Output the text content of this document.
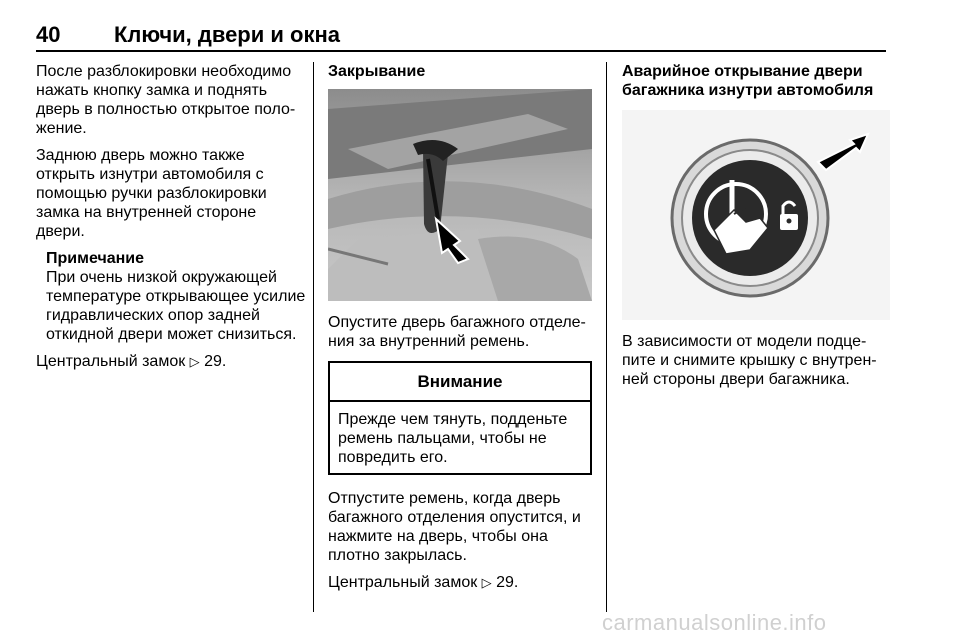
40 Ключи, двери и окна

После разблокировки необходимо нажать кнопку замка и поднять дверь в полностью открытое поло-жение.

Заднюю дверь можно также открыть изнутри автомобиля с помощью ручки разблокировки замка на внутренней стороне двери.

Примечание

При очень низкой окружающей температуре открывающее усилие гидравлических опор задней откидной двери может снизиться.

Центральный замок ▷ 29.

Закрывание

Опустите дверь багажного отделе-ния за внутренний ремень.

Внимание
Прежде чем тянуть, подденьте ремень пальцами, чтобы не повредить его.

Отпустите ремень, когда дверь багажного отделения опустится, и нажмите на дверь, чтобы она плотно закрылась.

Центральный замок ▷ 29.

Аварийное открывание двери багажника изнутри автомобиля

В зависимости от модели подце-пите и снимите крышку с внутрен-ней стороны двери багажника.

carmanualsonline.info
